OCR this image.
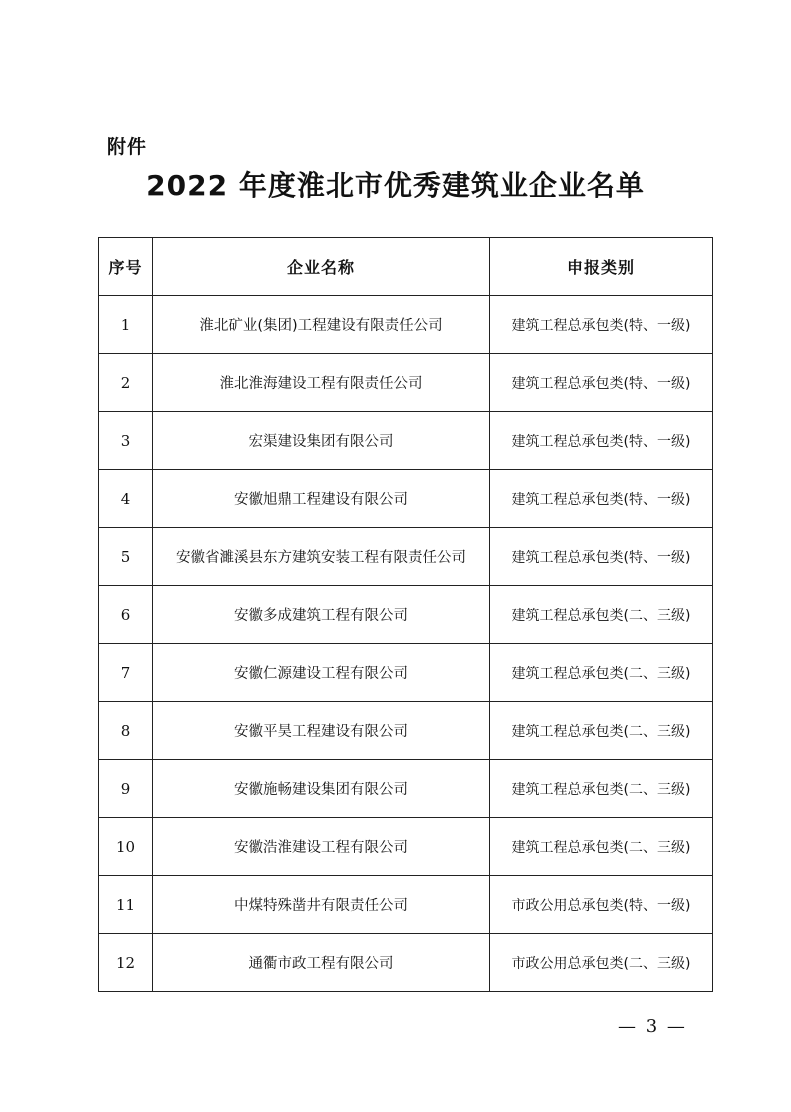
附件
2022 年度淮北市优秀建筑业企业名单
序号	企业名称	申报类别
1	淮北矿业(集团)工程建设有限责任公司	建筑工程总承包类(特、一级)
2	淮北淮海建设工程有限责任公司	建筑工程总承包类(特、一级)
3	宏渠建设集团有限公司	建筑工程总承包类(特、一级)
4	安徽旭鼎工程建设有限公司	建筑工程总承包类(特、一级)
5	安徽省濉溪县东方建筑安装工程有限责任公司	建筑工程总承包类(特、一级)
6	安徽多成建筑工程有限公司	建筑工程总承包类(二、三级)
7	安徽仁源建设工程有限公司	建筑工程总承包类(二、三级)
8	安徽平昊工程建设有限公司	建筑工程总承包类(二、三级)
9	安徽施畅建设集团有限公司	建筑工程总承包类(二、三级)
10	安徽浩淮建设工程有限公司	建筑工程总承包类(二、三级)
11	中煤特殊凿井有限责任公司	市政公用总承包类(特、一级)
12	通衢市政工程有限公司	市政公用总承包类(二、三级)
— 3 —
